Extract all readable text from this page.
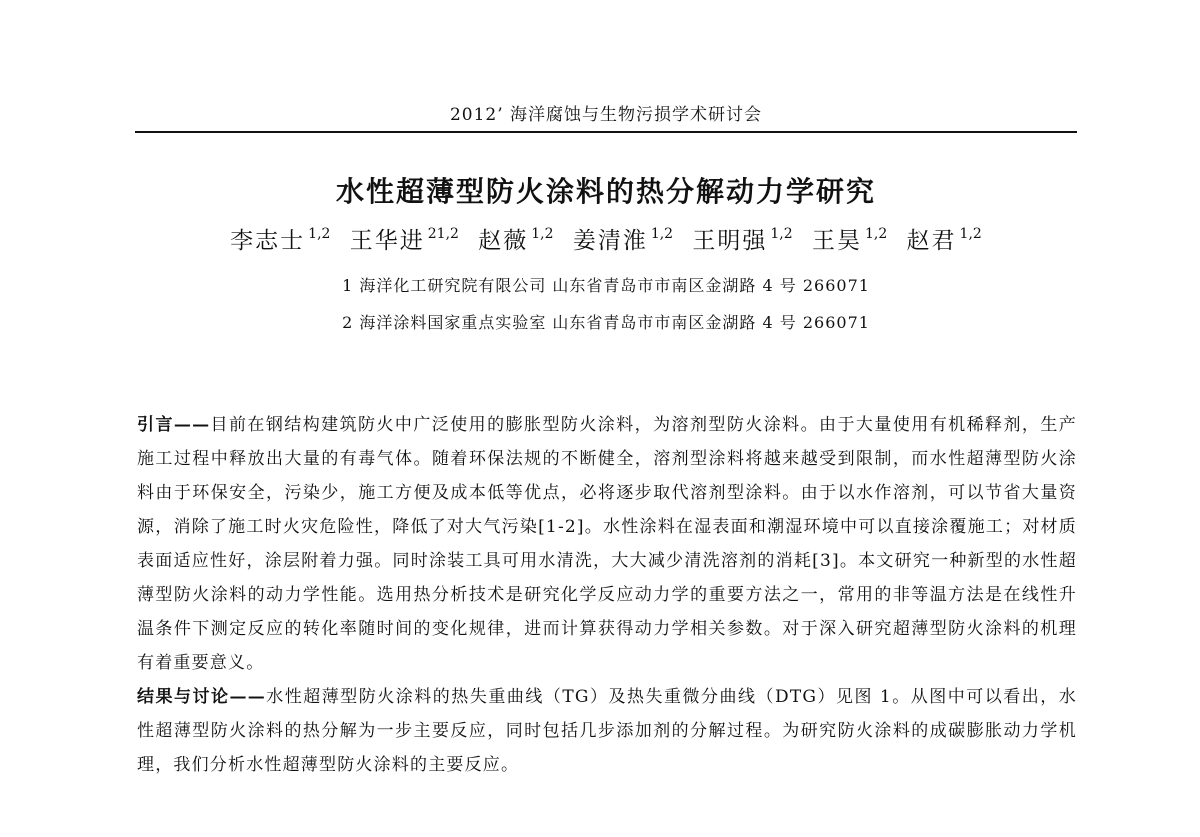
2012’ 海洋腐蚀与生物污损学术研讨会
水性超薄型防火涂料的热分解动力学研究
李志士 $^{1,2}$ 王华进 $^{21,2}$ 赵薇 $^{1,2}$ 姜清淮 $^{1,2}$ 王明强 $^{1,2}$ 王昊 $^{1,2}$ 赵君 $^{1,2}$
1 海洋化工研究院有限公司 山东省青岛市市南区金湖路 4 号 266071
2 海洋涂料国家重点实验室 山东省青岛市市南区金湖路 4 号 266071

引言——目前在钢结构建筑防火中广泛使用的膨胀型防火涂料，为溶剂型防火涂料。由于大量使用有机稀释剂，生产施工过程中释放出大量的有毒气体。随着环保法规的不断健全，溶剂型涂料将越来越受到限制，而水性超薄型防火涂料由于环保安全，污染少，施工方便及成本低等优点，必将逐步取代溶剂型涂料。由于以水作溶剂，可以节省大量资源，消除了施工时火灾危险性，降低了对大气污染[1-2]。水性涂料在湿表面和潮湿环境中可以直接涂覆施工；对材质表面适应性好，涂层附着力强。同时涂装工具可用水清洗，大大减少清洗溶剂的消耗[3]。本文研究一种新型的水性超薄型防火涂料的动力学性能。选用热分析技术是研究化学反应动力学的重要方法之一，常用的非等温方法是在线性升温条件下测定反应的转化率随时间的变化规律，进而计算获得动力学相关参数。对于深入研究超薄型防火涂料的机理有着重要意义。

结果与讨论——水性超薄型防火涂料的热失重曲线（TG）及热失重微分曲线（DTG）见图 1。从图中可以看出，水性超薄型防火涂料的热分解为一步主要反应，同时包括几步添加剂的分解过程。为研究防火涂料的成碳膨胀动力学机理，我们分析水性超薄型防火涂料的主要反应。
